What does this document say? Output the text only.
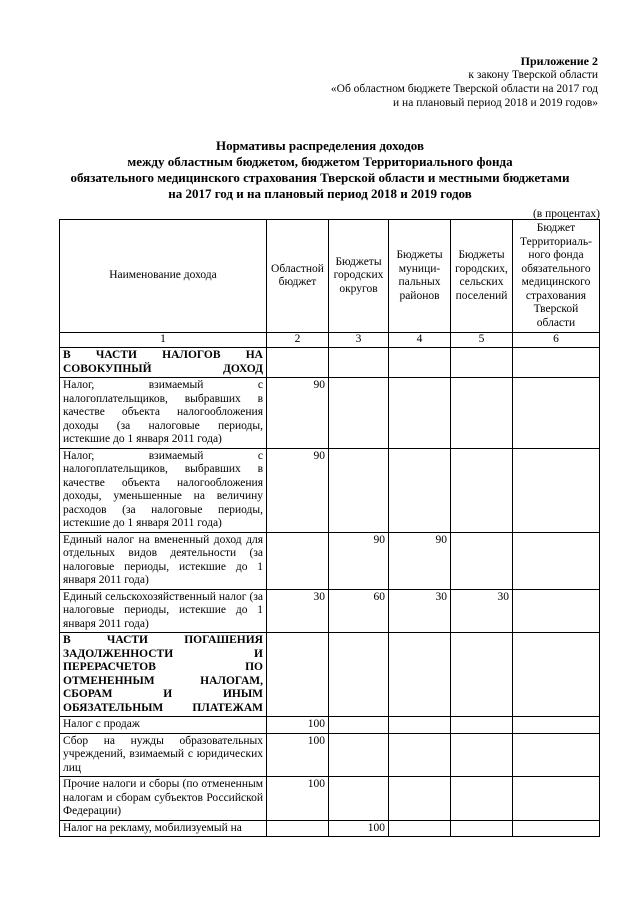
Приложение 2
к закону Тверской области
«Об областном бюджете Тверской области на 2017 год
и на плановый период 2018 и 2019 годов»
Нормативы распределения доходов
между областным бюджетом, бюджетом Территориального фонда
обязательного медицинского страхования Тверской области и местными бюджетами
на 2017 год и на плановый период 2018 и 2019 годов
(в процентах)
Наименование дохода	Областной бюджет	Бюджеты городских округов	Бюджеты муници-пальных районов	Бюджеты городских, сельских поселений	Бюджет Территориаль-ного фонда обязательного медицинского страхования Тверской области
1	2	3	4	5	6
В ЧАСТИ НАЛОГОВ НА СОВОКУПНЫЙ ДОХОД					
Налог, взимаемый с налогоплательщиков, выбравших в качестве объекта налогообложения доходы (за налоговые периоды, истекшие до 1 января 2011 года)	90				
Налог, взимаемый с налогоплательщиков, выбравших в качестве объекта налогообложения доходы, уменьшенные на величину расходов (за налоговые периоды, истекшие до 1 января 2011 года)	90				
Единый налог на вмененный доход для отдельных видов деятельности (за налоговые периоды, истекшие до 1 января 2011 года)		90	90		
Единый сельскохозяйственный налог (за налоговые периоды, истекшие до 1 января 2011 года)	30	60	30	30	
В ЧАСТИ ПОГАШЕНИЯ ЗАДОЛЖЕННОСТИ И ПЕРЕРАСЧЕТОВ ПО ОТМЕНЕННЫМ НАЛОГАМ, СБОРАМ И ИНЫМ ОБЯЗАТЕЛЬНЫМ ПЛАТЕЖАМ					
Налог с продаж	100				
Сбор на нужды образовательных учреждений, взимаемый с юридических лиц	100				
Прочие налоги и сборы (по отмененным налогам и сборам субъектов Российской Федерации)	100				
Налог на рекламу, мобилизуемый на		100			
